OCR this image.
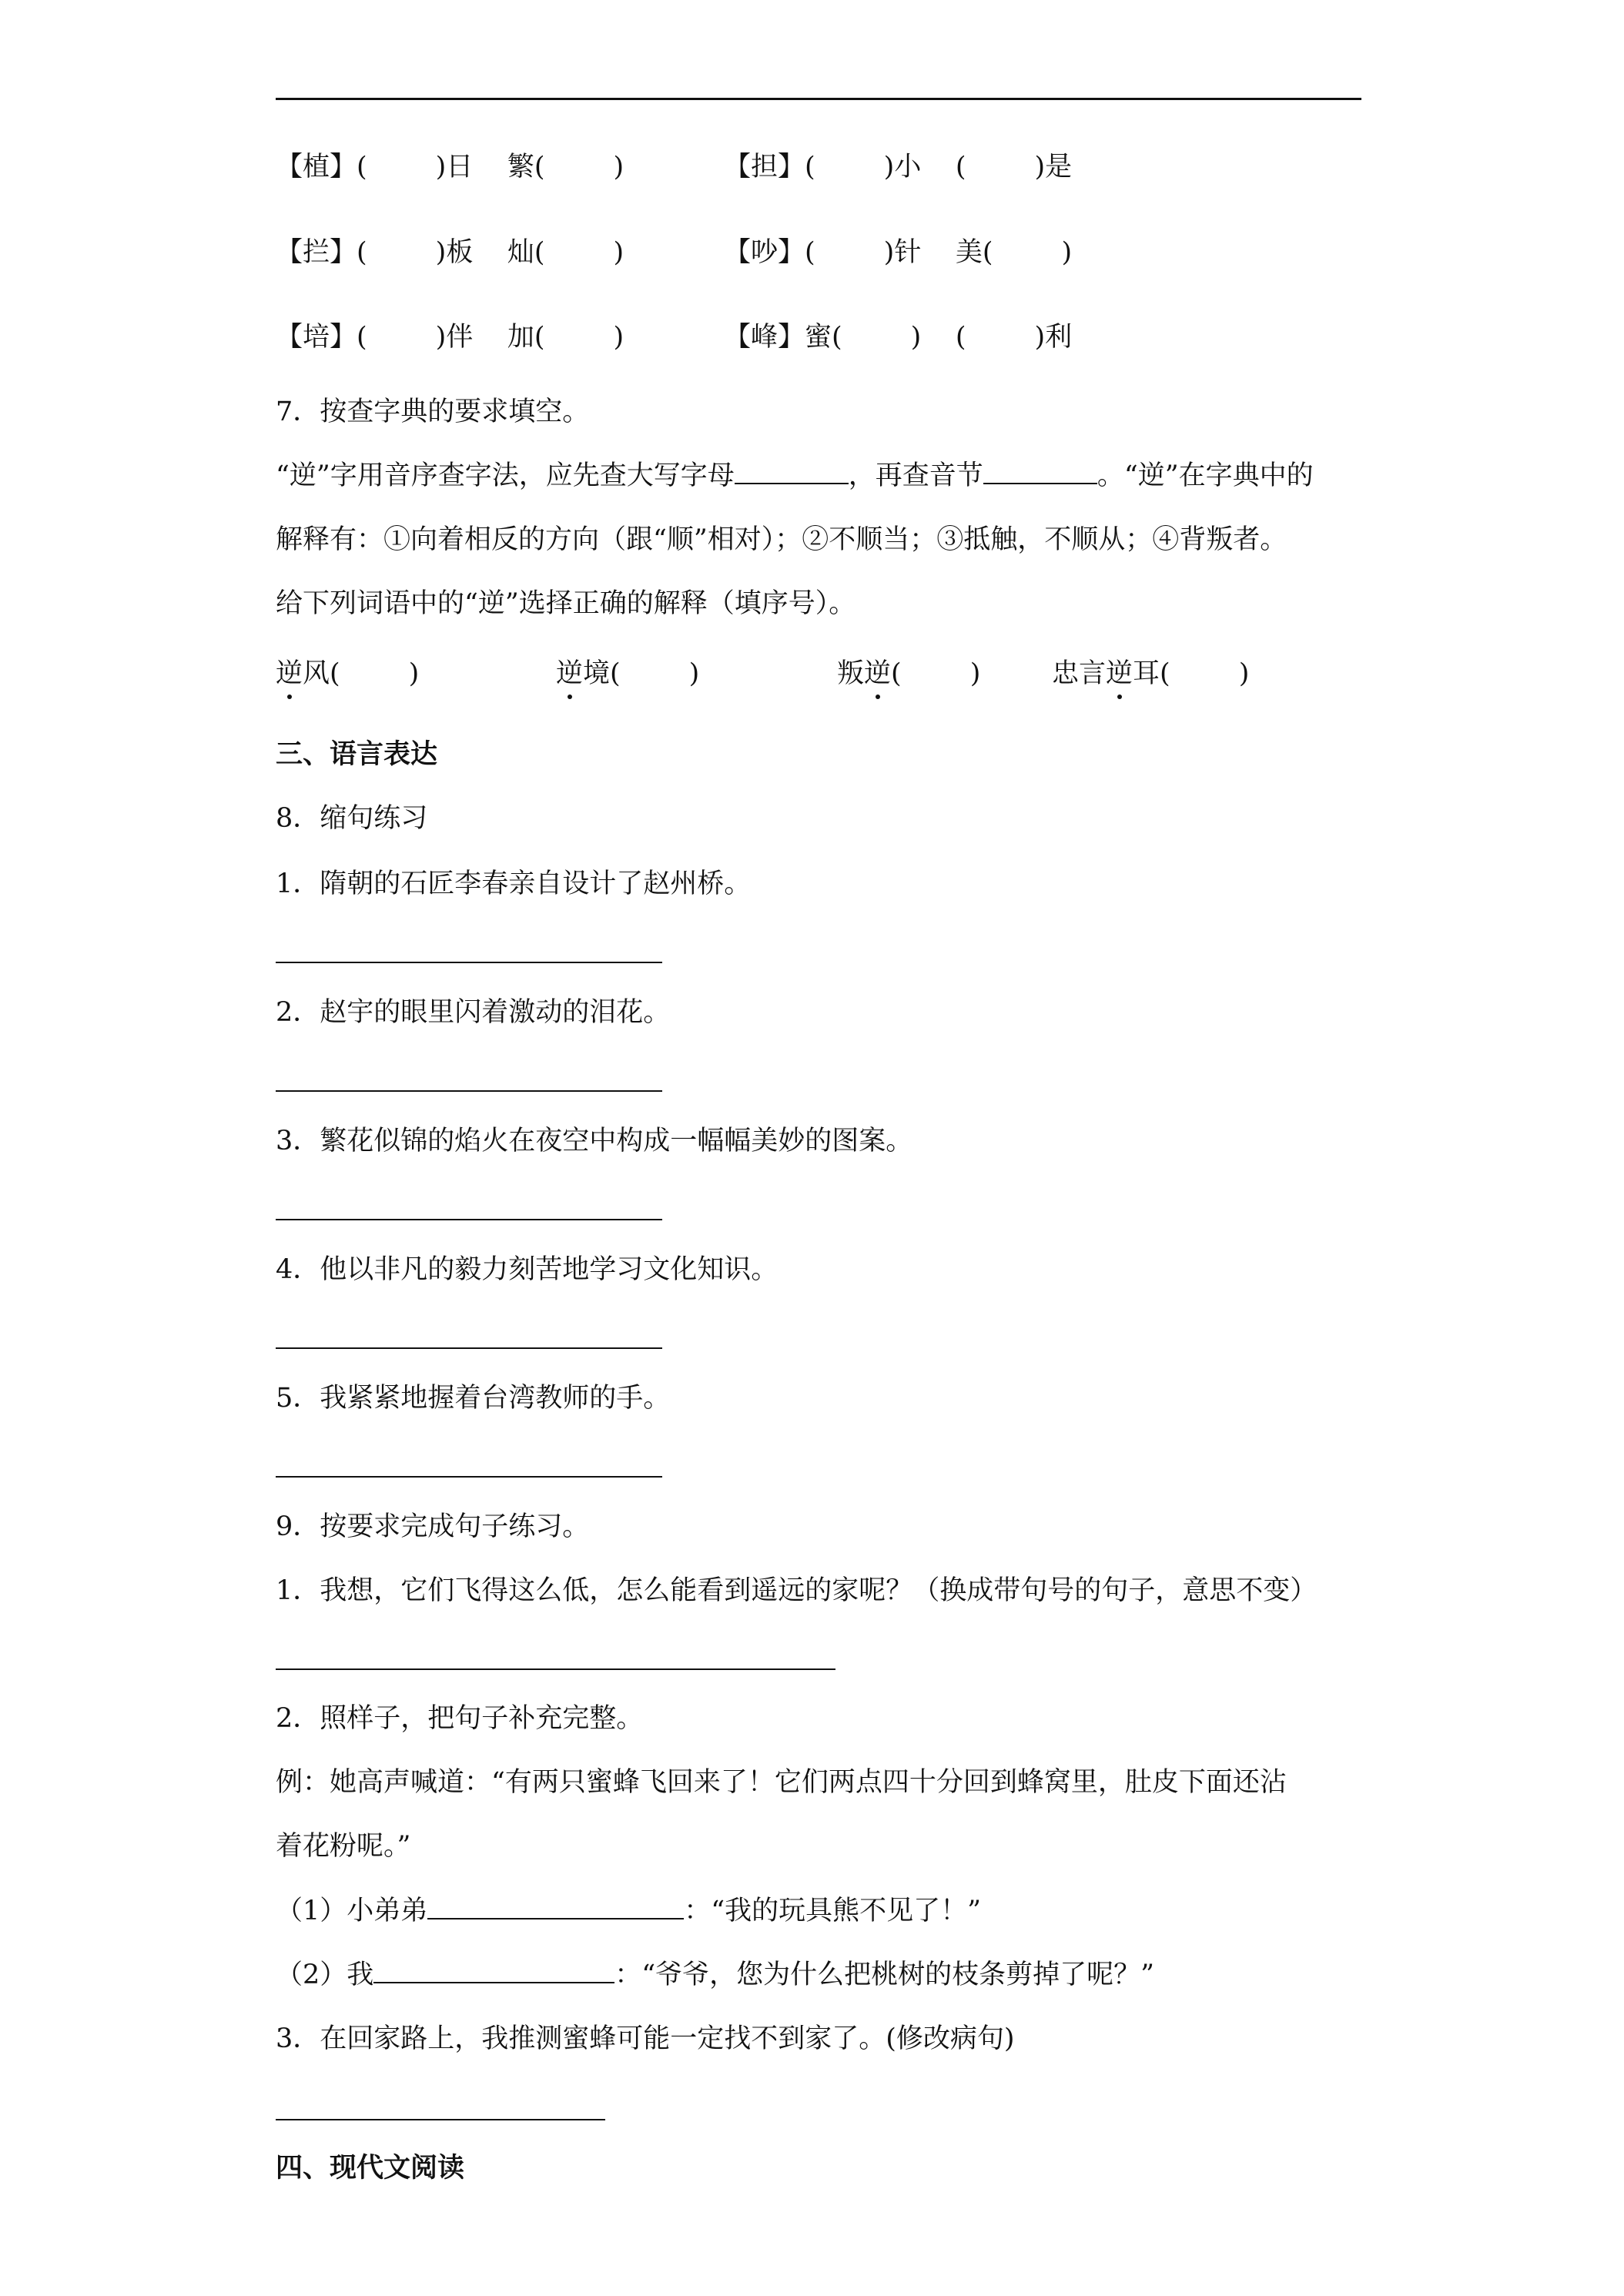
【植】(        )日    繁(        )	【担】(        )小    (        )是
【拦】(        )板    灿(        )	【吵】(        )针    美(        )
【培】(        )伴    加(        )	【峰】蜜(        )    (        )利

7．按查字典的要求填空。

“逆”字用音序查字法，应先查大写字母	，再查音节	。“逆”在字典中的

解释有：①向着相反的方向（跟“顺”相对）；②不顺当；③抵触，不顺从；④背叛者。

给下列词语中的“逆”选择正确的解释（填序号）。

逆风(        )	逆境(        )	叛逆(        )	忠言逆耳(        )

三、语言表达

8．缩句练习

1．隋朝的石匠李春亲自设计了赵州桥。

2．赵宇的眼里闪着激动的泪花。

3．繁花似锦的焰火在夜空中构成一幅幅美妙的图案。

4．他以非凡的毅力刻苦地学习文化知识。

5．我紧紧地握着台湾教师的手。

9．按要求完成句子练习。

1．我想，它们飞得这么低，怎么能看到遥远的家呢？（换成带句号的句子，意思不变）

2．照样子，把句子补充完整。

例：她高声喊道：“有两只蜜蜂飞回来了！它们两点四十分回到蜂窝里，肚皮下面还沾

着花粉呢。”

（1）小弟弟	：“我的玩具熊不见了！”

（2）我	：“爷爷，您为什么把桃树的枝条剪掉了呢？”

3．在回家路上，我推测蜜蜂可能一定找不到家了。(修改病句)

四、现代文阅读
